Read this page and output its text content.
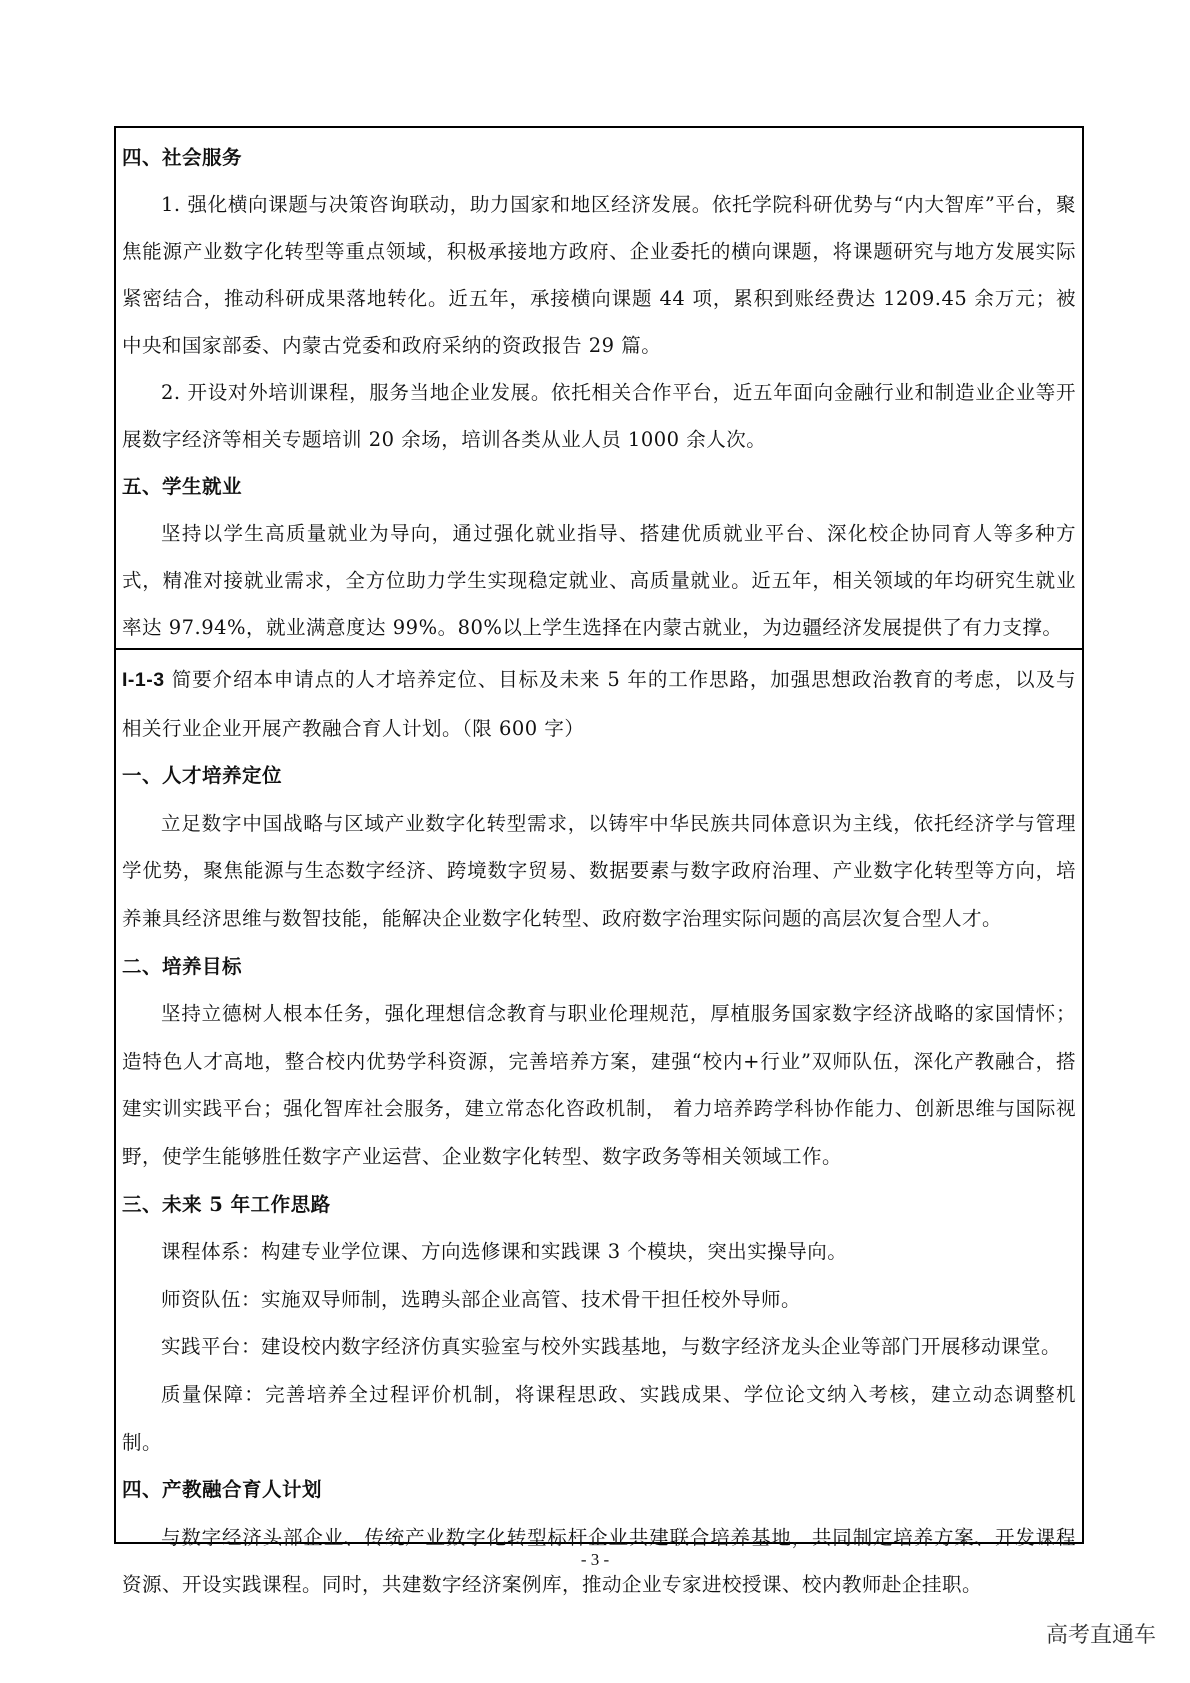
四、社会服务
1. 强化横向课题与决策咨询联动，助力国家和地区经济发展。依托学院科研优势与“内大智库”平台，聚焦能源产业数字化转型等重点领域，积极承接地方政府、企业委托的横向课题，将课题研究与地方发展实际紧密结合，推动科研成果落地转化。近五年，承接横向课题 44 项，累积到账经费达 1209.45 余万元；被中央和国家部委、内蒙古党委和政府采纳的资政报告 29 篇。
2. 开设对外培训课程，服务当地企业发展。依托相关合作平台，近五年面向金融行业和制造业企业等开展数字经济等相关专题培训 20 余场，培训各类从业人员 1000 余人次。
五、学生就业
坚持以学生高质量就业为导向，通过强化就业指导、搭建优质就业平台、深化校企协同育人等多种方式，精准对接就业需求，全方位助力学生实现稳定就业、高质量就业。近五年，相关领域的年均研究生就业率达 97.94%，就业满意度达 99%。80%以上学生选择在内蒙古就业，为边疆经济发展提供了有力支撑。
I-1-3 简要介绍本申请点的人才培养定位、目标及未来 5 年的工作思路，加强思想政治教育的考虑，以及与相关行业企业开展产教融合育人计划。（限 600 字）
一、人才培养定位
立足数字中国战略与区域产业数字化转型需求，以铸牢中华民族共同体意识为主线，依托经济学与管理学优势，聚焦能源与生态数字经济、跨境数字贸易、数据要素与数字政府治理、产业数字化转型等方向，培养兼具经济思维与数智技能，能解决企业数字化转型、政府数字治理实际问题的高层次复合型人才。
二、培养目标
坚持立德树人根本任务，强化理想信念教育与职业伦理规范，厚植服务国家数字经济战略的家国情怀；造特色人才高地，整合校内优势学科资源，完善培养方案，建强“校内+行业”双师队伍，深化产教融合，搭建实训实践平台；强化智库社会服务，建立常态化咨政机制， 着力培养跨学科协作能力、创新思维与国际视野，使学生能够胜任数字产业运营、企业数字化转型、数字政务等相关领域工作。
三、未来 5 年工作思路
课程体系：构建专业学位课、方向选修课和实践课 3 个模块，突出实操导向。
师资队伍：实施双导师制，选聘头部企业高管、技术骨干担任校外导师。
实践平台：建设校内数字经济仿真实验室与校外实践基地，与数字经济龙头企业等部门开展移动课堂。
质量保障：完善培养全过程评价机制，将课程思政、实践成果、学位论文纳入考核，建立动态调整机制。
四、产教融合育人计划
与数字经济头部企业、传统产业数字化转型标杆企业共建联合培养基地，共同制定培养方案、开发课程资源、开设实践课程。同时，共建数字经济案例库，推动企业专家进校授课、校内教师赴企挂职。
- 3 -
高考直通车
